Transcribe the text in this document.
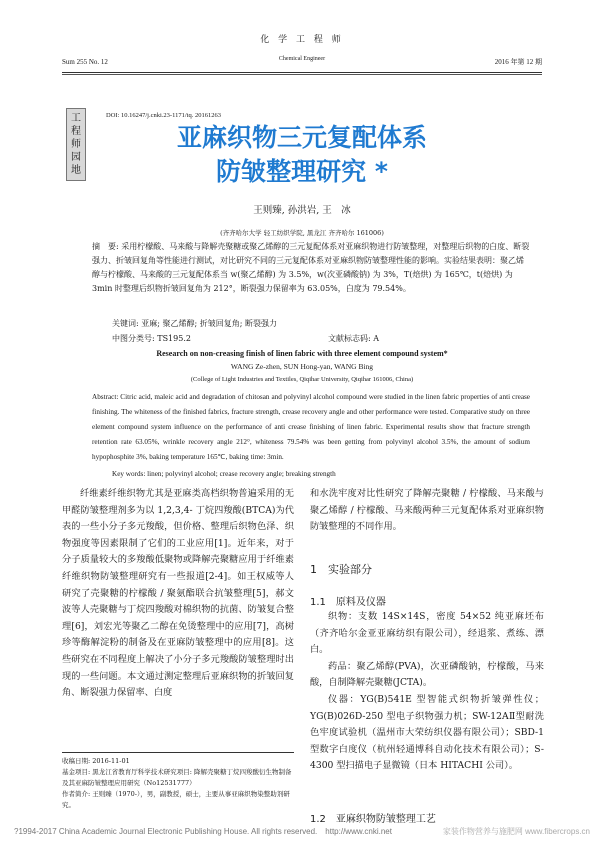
化 学 工 程 师
Chemical Engineer
Sum 255 No. 12	2016 年第 12 期
工 程 师 园 地
DOI: 10.16247/j.cnki.23-1171/tq. 20161263
亚麻织物三元复配体系
防皱整理研究 *
王则臻, 孙洪岩, 王　冰
(齐齐哈尔大学 轻工纺织学院, 黑龙江 齐齐哈尔 161006)

摘　要: 采用柠檬酸、马来酸与降解壳聚糖或聚乙烯醇的三元复配体系对亚麻织物进行防皱整理，对整理后织物的白度、断裂强力、折皱回复角等性能进行测试，对比研究不同的三元复配体系对亚麻织物防皱整理性能的影响。实验结果表明：聚乙烯醇与柠檬酸、马来酸的三元复配体系当 w(聚乙烯醇) 为 3.5%，w(次亚磷酸钠) 为 3%，T(焙烘) 为 165℃，t(焙烘) 为 3min 时整理后织物折皱回复角为 212°，断裂强力保留率为 63.05%，白度为 79.54%。

关键词: 亚麻; 聚乙烯醇; 折皱回复角; 断裂强力
中图分类号: TS195.2	文献标志码: A
Research on non-creasing finish of linen fabric with three element compound system*
WANG Ze-zhen, SUN Hong-yan, WANG Bing
(College of Light Industries and Textiles, Qiqihar University, Qiqihar 161006, China)

Abstract: Citric acid, maleic acid and degradation of chitosan and polyvinyl alcohol compound were studied in the linen fabric properties of anti crease finishing. The whiteness of the finished fabrics, fracture strength, crease recovery angle and other performance were tested. Comparative study on three element compound system influence on the performance of anti crease finishing of linen fabric. Experimental results show that fracture strength retention rate 63.05%, wrinkle recovery angle 212°, whiteness 79.54% was been getting from polyvinyl alcohol 3.5%, the amount of sodium hypophosphite 3%, baking temperature 165℃, baking time: 3min.

Key words: linen; polyvinyl alcohol; crease recovery angle; breaking strength

纤维素纤维织物尤其是亚麻类高档织物普遍采用的无甲醛防皱整理剂多为以 1,2,3,4- 丁烷四羧酸(BTCA)为代表的一些小分子多元羧酸，但价格、整理后织物色泽、织物强度等因素限制了它们的工业应用[1]。近年来，对于分子质量较大的多羧酸低聚物或降解壳聚糖应用于纤维素纤维织物防皱整理研究有一些报道[2-4]。如王权威等人研究了壳聚糖的柠檬酸 / 聚氨酯联合抗皱整理[5]，郝文波等人壳聚糖与丁烷四羧酸对棉织物的抗菌、防皱复合整理[6]，刘宏光等聚乙二醇在免烫整理中的应用[7]，高树珍等酶解淀粉的制备及在亚麻防皱整理中的应用[8]。这些研究在不同程度上解决了小分子多元羧酸防皱整理时出现的一些问题。本文通过测定整理后亚麻织物的折皱回复角、断裂强力保留率、白度

和水洗牢度对比性研究了降解壳聚糖 / 柠檬酸、马来酸与聚乙烯醇 / 柠檬酸、马来酸两种三元复配体系对亚麻织物防皱整理的不同作用。

1　实验部分
1.1　原料及仪器

织物：支数 14S×14S，密度 54×52 纯亚麻坯布（齐齐哈尔金亚亚麻纺织有限公司），经退浆、煮练、漂白。

药品：聚乙烯醇(PVA)，次亚磷酸钠，柠檬酸，马来酸，自制降解壳聚糖(JCTA)。

仪器：YG(B)541E 型智能式织物折皱弹性仪；YG(B)026D-250 型电子织物强力机；SW-12AⅡ型耐洗色牢度试验机（温州市大荣纺织仪器有限公司）；SBD-1 型数字白度仪（杭州轻通博科自动化技术有限公司）；S-4300 型扫描电子显微镜（日本 HITACHI 公司）。

1.2　亚麻织物防皱整理工艺

收稿日期: 2016-11-01

基金项目: 黑龙江省教育厅科学技术研究项目: 降解壳聚糖丁烷四羧酸衍生物制备及其亚麻防皱整理应用研究（No12531777）

作者简介: 王则臻（1970-），男，副教授，硕士，主要从事亚麻织物染整助剂研究。

?1994-2017 China Academic Journal Electronic Publishing House. All rights reserved.　http://www.cnki.net	家装作物营养与施肥网 www.fibercrops.cn
